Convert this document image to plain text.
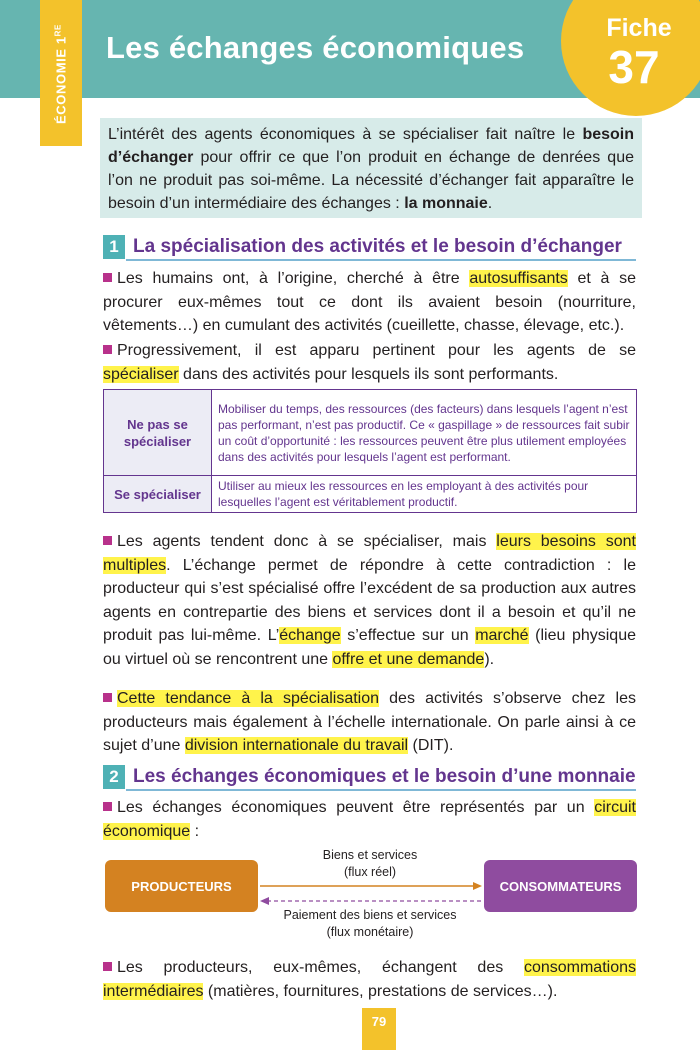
ÉCONOMIE 1RE Les échanges économiques
Fiche
37
L’intérêt des agents économiques à se spécialiser fait naître le besoin d’échanger pour offrir ce que l’on produit en échange de denrées que l’on ne produit pas soi-même. La nécessité d’échanger fait apparaître le besoin d’un intermédiaire des échanges : la monnaie.
1 La spécialisation des activités et le besoin d’échanger

Les humains ont, à l’origine, cherché à être autosuffisants et à se procurer eux-mêmes tout ce dont ils avaient besoin (nourriture, vêtements…) en cumulant des activités (cueillette, chasse, élevage, etc.).

Progressivement, il est apparu pertinent pour les agents de se spécialiser dans des activités pour lesquels ils sont performants.

Ne pas se spécialiser	Mobiliser du temps, des ressources (des facteurs) dans lesquels l’agent n’est pas performant, n’est pas productif. Ce « gaspillage » de ressources fait subir un coût d’opportunité : les ressources peuvent être plus utilement employées dans des activités pour lesquels l’agent est performant.
Se spécialiser	Utiliser au mieux les ressources en les employant à des activités pour lesquelles l’agent est véritablement productif.

Les agents tendent donc à se spécialiser, mais leurs besoins sont multiples. L’échange permet de répondre à cette contradiction : le producteur qui s’est spécialisé offre l’excédent de sa production aux autres agents en contrepartie des biens et services dont il a besoin et qu’il ne produit pas lui-même. L’échange s’effectue sur un marché (lieu physique ou virtuel où se rencontrent une offre et une demande).

Cette tendance à la spécialisation des activités s’observe chez les producteurs mais également à l’échelle internationale. On parle ainsi à ce sujet d’une division internationale du travail (DIT).

2 Les échanges économiques et le besoin d’une monnaie

Les échanges économiques peuvent être représentés par un circuit économique :

Biens et services
(flux réel)
PRODUCTEURS	CONSOMMATEURS
Paiement des biens et services
(flux monétaire)

Les producteurs, eux-mêmes, échangent des consommations intermédiaires (matières, fournitures, prestations de services…).

79
